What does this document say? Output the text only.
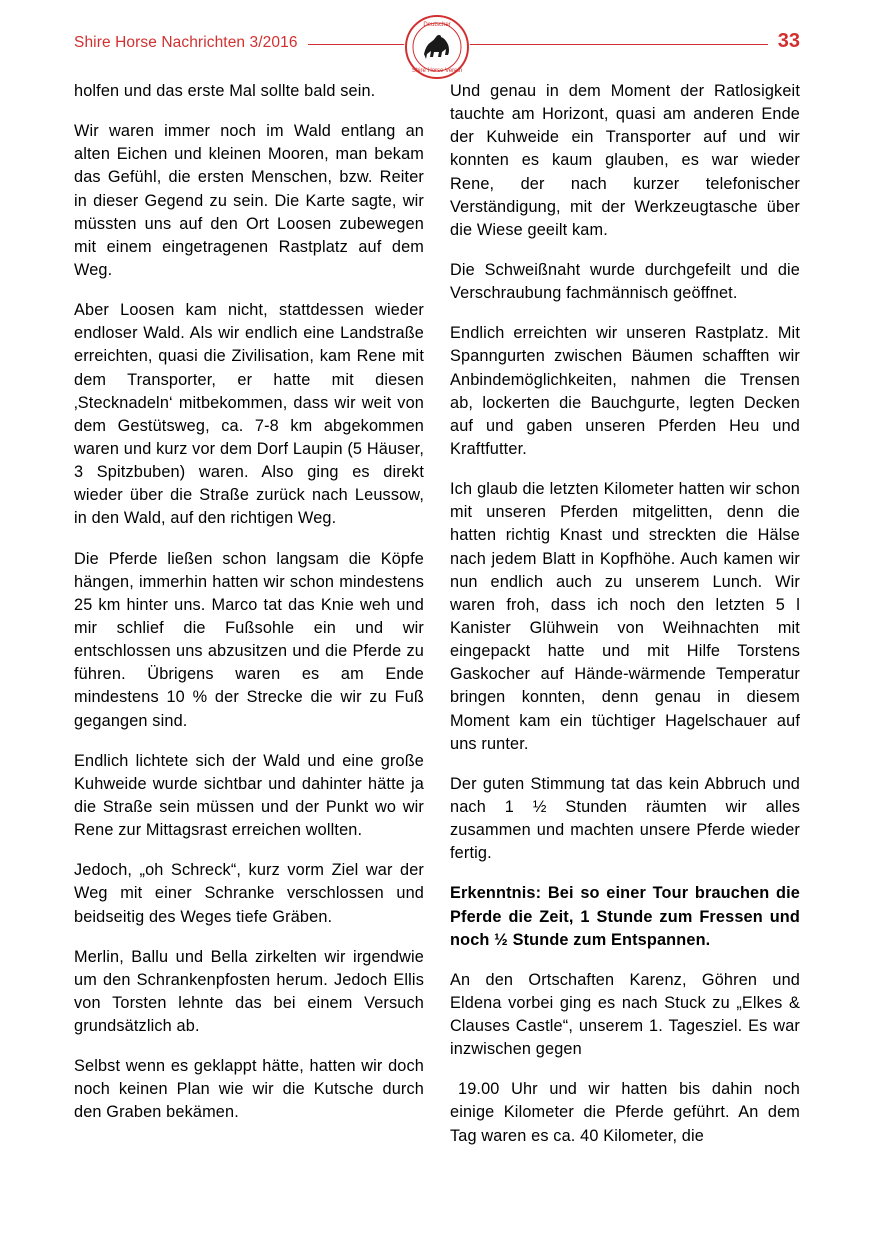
Shire Horse Nachrichten 3/2016
Deutscher
Shire Horse Verein
33

holfen und das erste Mal sollte bald sein.

Wir waren immer noch im Wald entlang an alten Eichen und kleinen Mooren, man bekam das Gefühl, die ersten Menschen, bzw. Reiter in dieser Gegend zu sein. Die Karte sagte, wir müssten uns auf den Ort Loosen zubewegen mit einem eingetragenen Rastplatz auf dem Weg.

Aber Loosen kam nicht, stattdessen wieder endloser Wald. Als wir endlich eine Landstraße erreichten, quasi die Zivilisation, kam Rene mit dem Transporter, er hatte mit diesen ‚Stecknadeln‘ mitbekommen, dass wir weit von dem Gestütsweg, ca. 7-8 km abgekommen waren und kurz vor dem Dorf Laupin (5 Häuser, 3 Spitzbuben) waren. Also ging es direkt wieder über die Straße zurück nach Leussow, in den Wald, auf den richtigen Weg.

Die Pferde ließen schon langsam die Köpfe hängen, immerhin hatten wir schon mindestens 25 km hinter uns. Marco tat das Knie weh und mir schlief die Fußsohle ein und wir entschlossen uns abzusitzen und die Pferde zu führen. Übrigens waren es am Ende mindestens 10 % der Strecke die wir zu Fuß gegangen sind.

Endlich lichtete sich der Wald und eine große Kuhweide wurde sichtbar und dahinter hätte ja die Straße sein müssen und der Punkt wo wir Rene zur Mittagsrast erreichen wollten.

Jedoch, „oh Schreck“, kurz vorm Ziel war der Weg mit einer Schranke verschlossen und beidseitig des Weges tiefe Gräben.

Merlin, Ballu und Bella zirkelten wir irgendwie um den Schrankenpfosten herum. Jedoch Ellis von Torsten lehnte das bei einem Versuch grundsätzlich ab.

Selbst wenn es geklappt hätte, hatten wir doch noch keinen Plan wie wir die Kutsche durch den Graben bekämen.

Und genau in dem Moment der Ratlosigkeit tauchte am Horizont, quasi am anderen Ende der Kuhweide ein Transporter auf und wir konnten es kaum glauben, es war wieder Rene, der nach kurzer telefonischer Verständigung, mit der Werkzeugtasche über die Wiese geeilt kam.

Die Schweißnaht wurde durchgefeilt und die Verschraubung fachmännisch geöffnet.

Endlich erreichten wir unseren Rastplatz. Mit Spanngurten zwischen Bäumen schafften wir Anbindemöglichkeiten, nahmen die Trensen ab, lockerten die Bauchgurte, legten Decken auf und gaben unseren Pferden Heu und Kraftfutter.

Ich glaub die letzten Kilometer hatten wir schon mit unseren Pferden mitgelitten, denn die hatten richtig Knast und streckten die Hälse nach jedem Blatt in Kopfhöhe. Auch kamen wir nun endlich auch zu unserem Lunch. Wir waren froh, dass ich noch den letzten 5 l Kanister Glühwein von Weihnachten mit eingepackt hatte und mit Hilfe Torstens Gaskocher auf Hände-wärmende Temperatur bringen konnten, denn genau in diesem Moment kam ein tüchtiger Hagelschauer auf uns runter.

Der guten Stimmung tat das kein Abbruch und nach 1 ½ Stunden räumten wir alles zusammen und machten unsere Pferde wieder fertig.

Erkenntnis: Bei so einer Tour brauchen die Pferde die Zeit, 1 Stunde zum Fressen und noch ½ Stunde zum Entspannen.

An den Ortschaften Karenz, Göhren und Eldena vorbei ging es nach Stuck zu „Elkes & Clauses Castle“, unserem 1. Tagesziel. Es war inzwischen gegen

19.00 Uhr und wir hatten bis dahin noch einige Kilometer die Pferde geführt. An dem Tag waren es ca. 40 Kilometer, die
